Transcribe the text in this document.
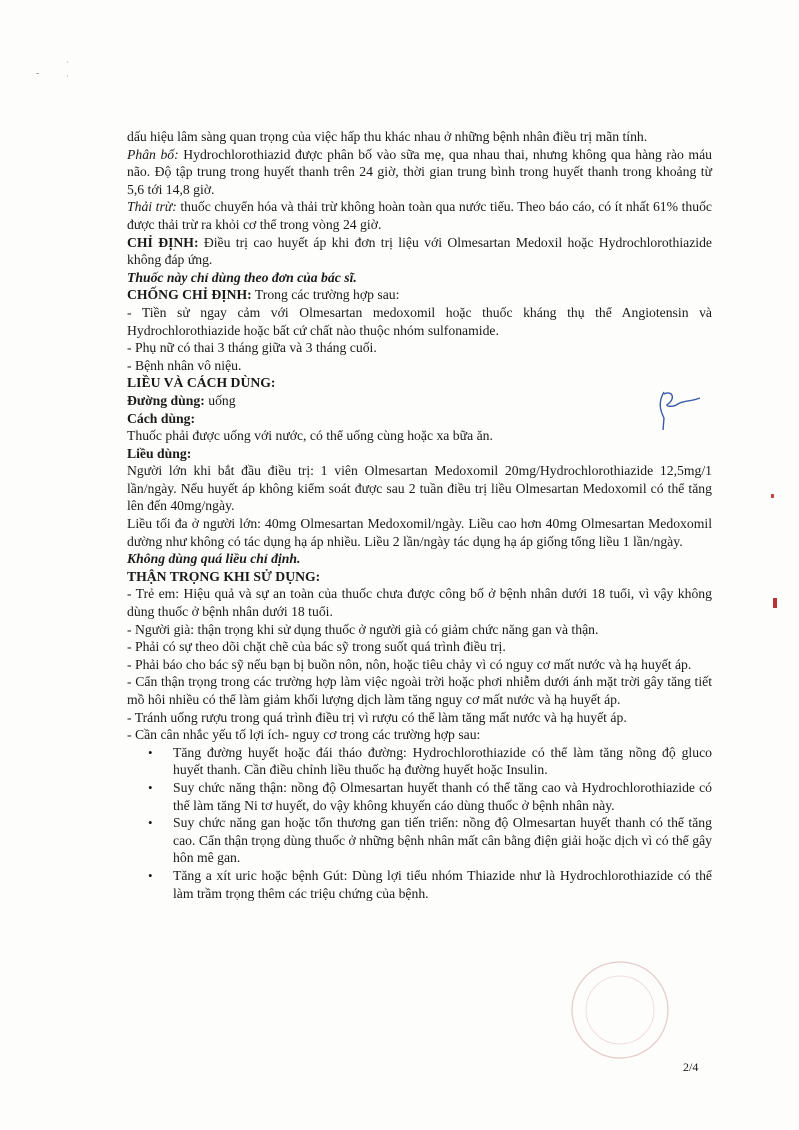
-
·
·

dấu hiệu lâm sàng quan trọng của việc hấp thu khác nhau ở những bệnh nhân điều trị mãn tính.

Phân bố: Hydrochlorothiazid được phân bố vào sữa mẹ, qua nhau thai, nhưng không qua hàng rào máu não. Độ tập trung trong huyết thanh trên 24 giờ, thời gian trung bình trong huyết thanh trong khoảng từ 5,6 tới 14,8 giờ.

Thải trừ: thuốc chuyển hóa và thải trừ không hoàn toàn qua nước tiểu. Theo báo cáo, có ít nhất 61% thuốc được thải trừ ra khỏi cơ thể trong vòng 24 giờ.

CHỈ ĐỊNH: Điều trị cao huyết áp khi đơn trị liệu với Olmesartan Medoxil hoặc Hydrochlorothiazide không đáp ứng.

Thuốc này chỉ dùng theo đơn của bác sĩ.

CHỐNG CHỈ ĐỊNH: Trong các trường hợp sau:

- Tiền sử ngay cảm với Olmesartan medoxomil hoặc thuốc kháng thụ thể Angiotensin và Hydrochlorothiazide hoặc bất cứ chất nào thuộc nhóm sulfonamide.

- Phụ nữ có thai 3 tháng giữa và 3 tháng cuối.

- Bệnh nhân vô niệu.

LIỀU VÀ CÁCH DÙNG:

Đường dùng: uống

Cách dùng:

Thuốc phải được uống với nước, có thể uống cùng hoặc xa bữa ăn.

Liều dùng:

Người lớn khi bắt đầu điều trị: 1 viên Olmesartan Medoxomil 20mg/Hydrochlorothiazide 12,5mg/1 lần/ngày. Nếu huyết áp không kiểm soát được sau 2 tuần điều trị liều Olmesartan Medoxomil có thể tăng lên đến 40mg/ngày.

Liều tối đa ở người lớn: 40mg Olmesartan Medoxomil/ngày. Liều cao hơn 40mg Olmesartan Medoxomil dường như không có tác dụng hạ áp nhiều. Liều 2 lần/ngày tác dụng hạ áp giống tổng liều 1 lần/ngày.

Không dùng quá liều chỉ định.

THẬN TRỌNG KHI SỬ DỤNG:

- Trẻ em: Hiệu quả và sự an toàn của thuốc chưa được công bố ở bệnh nhân dưới 18 tuổi, vì vậy không dùng thuốc ở bệnh nhân dưới 18 tuổi.

- Người già: thận trọng khi sử dụng thuốc ở người già có giảm chức năng gan và thận.

- Phải có sự theo dõi chặt chẽ của bác sỹ trong suốt quá trình điều trị.

- Phải báo cho bác sỹ nếu bạn bị buồn nôn, nôn, hoặc tiêu chảy vì có nguy cơ mất nước và hạ huyết áp.

- Cẩn thận trọng trong các trường hợp làm việc ngoài trời hoặc phơi nhiễm dưới ánh mặt trời gây tăng tiết mồ hôi nhiều có thể làm giảm khối lượng dịch làm tăng nguy cơ mất nước và hạ huyết áp.

- Tránh uống rượu trong quá trình điều trị vì rượu có thể làm tăng mất nước và hạ huyết áp.

- Cần cân nhắc yếu tố lợi ích- nguy cơ trong các trường hợp sau:

• Tăng đường huyết hoặc đái tháo đường: Hydrochlorothiazide có thể làm tăng nồng độ gluco huyết thanh. Cần điều chỉnh liều thuốc hạ đường huyết hoặc Insulin.
• Suy chức năng thận: nồng độ Olmesartan huyết thanh có thể tăng cao và Hydrochlorothiazide có thể làm tăng Ni tơ huyết, do vậy không khuyến cáo dùng thuốc ở bệnh nhân này.
• Suy chức năng gan hoặc tổn thương gan tiến triển: nồng độ Olmesartan huyết thanh có thể tăng cao. Cẩn thận trọng dùng thuốc ở những bệnh nhân mất cân bằng điện giải hoặc dịch vì có thể gây hôn mê gan.
• Tăng a xít uric hoặc bệnh Gút: Dùng lợi tiểu nhóm Thiazide như là Hydrochlorothiazide có thể làm trầm trọng thêm các triệu chứng của bệnh.
2/4
